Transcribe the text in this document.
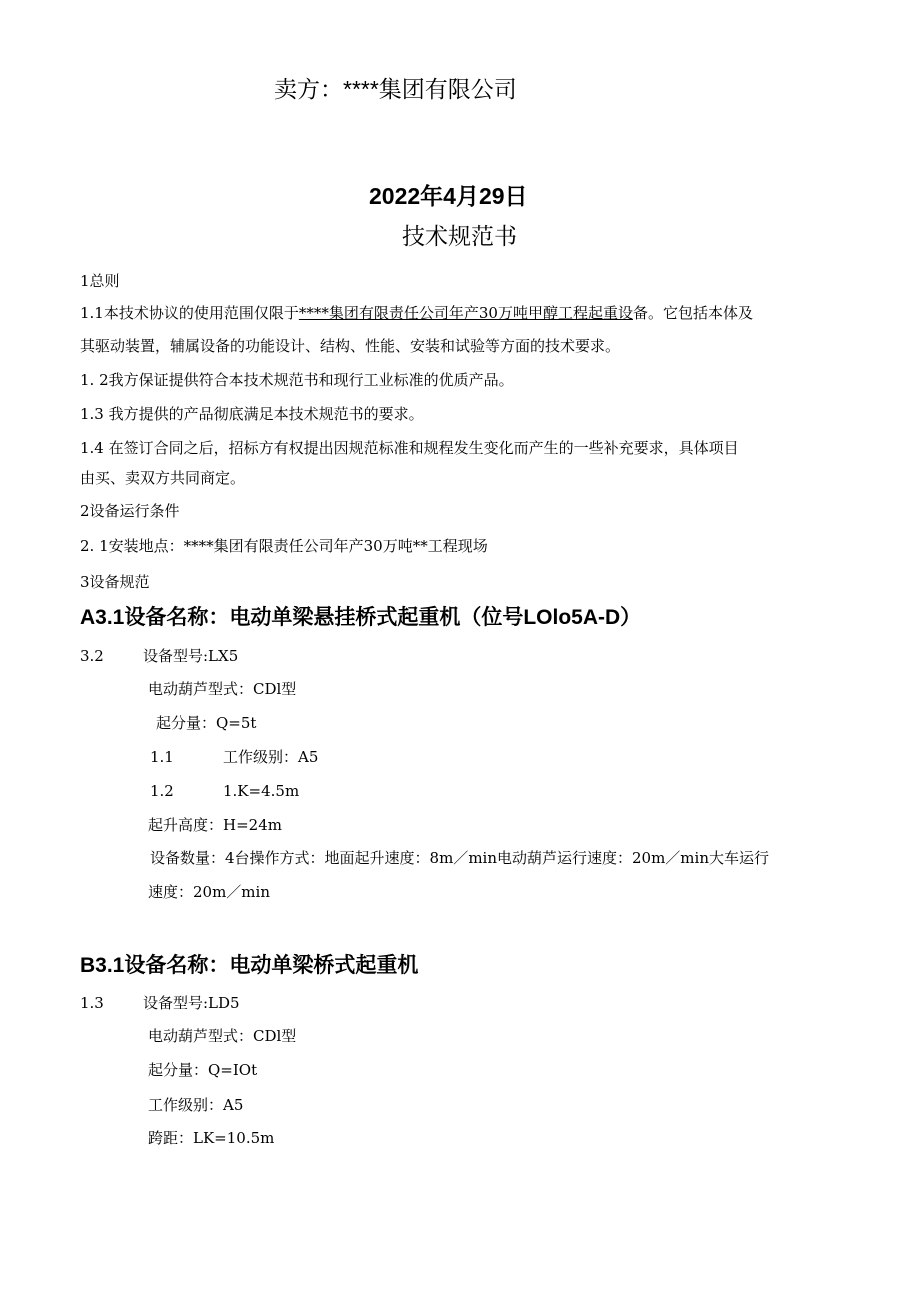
卖方：****集团有限公司
2022年4月29日
技术规范书
1总则
1.1本技术协议的使用范围仅限于****集团有限责任公司年产30万吨甲醇工程起重设备。它包括本体及
其驱动装置，辅属设备的功能设计、结构、性能、安装和试验等方面的技术要求。
1. 2我方保证提供符合本技术规范书和现行工业标准的优质产品。
1.3 我方提供的产品彻底满足本技术规范书的要求。
1.4 在签订合同之后，招标方有权提出因规范标准和规程发生变化而产生的一些补充要求，具体项目
由买、卖双方共同商定。
2设备运行条件
2. 1安装地点：****集团有限责任公司年产30万吨**工程现场
3设备规范
A3.1设备名称：电动单梁悬挂桥式起重机（位号LOlo5A-D）
3.2	设备型号:LX5
电动葫芦型式：CDl型
起分量：Q=5t
1.1	工作级别：A5
1.2	1.K=4.5m
起升高度：H=24m
设备数量：4台操作方式：地面起升速度：8m／min电动葫芦运行速度：20m／min大车运行
速度：20m／min
B3.1设备名称：电动单梁桥式起重机
1.3	设备型号:LD5
电动葫芦型式：CDl型
起分量：Q=IOt
工作级别：A5
跨距：LK=10.5m
